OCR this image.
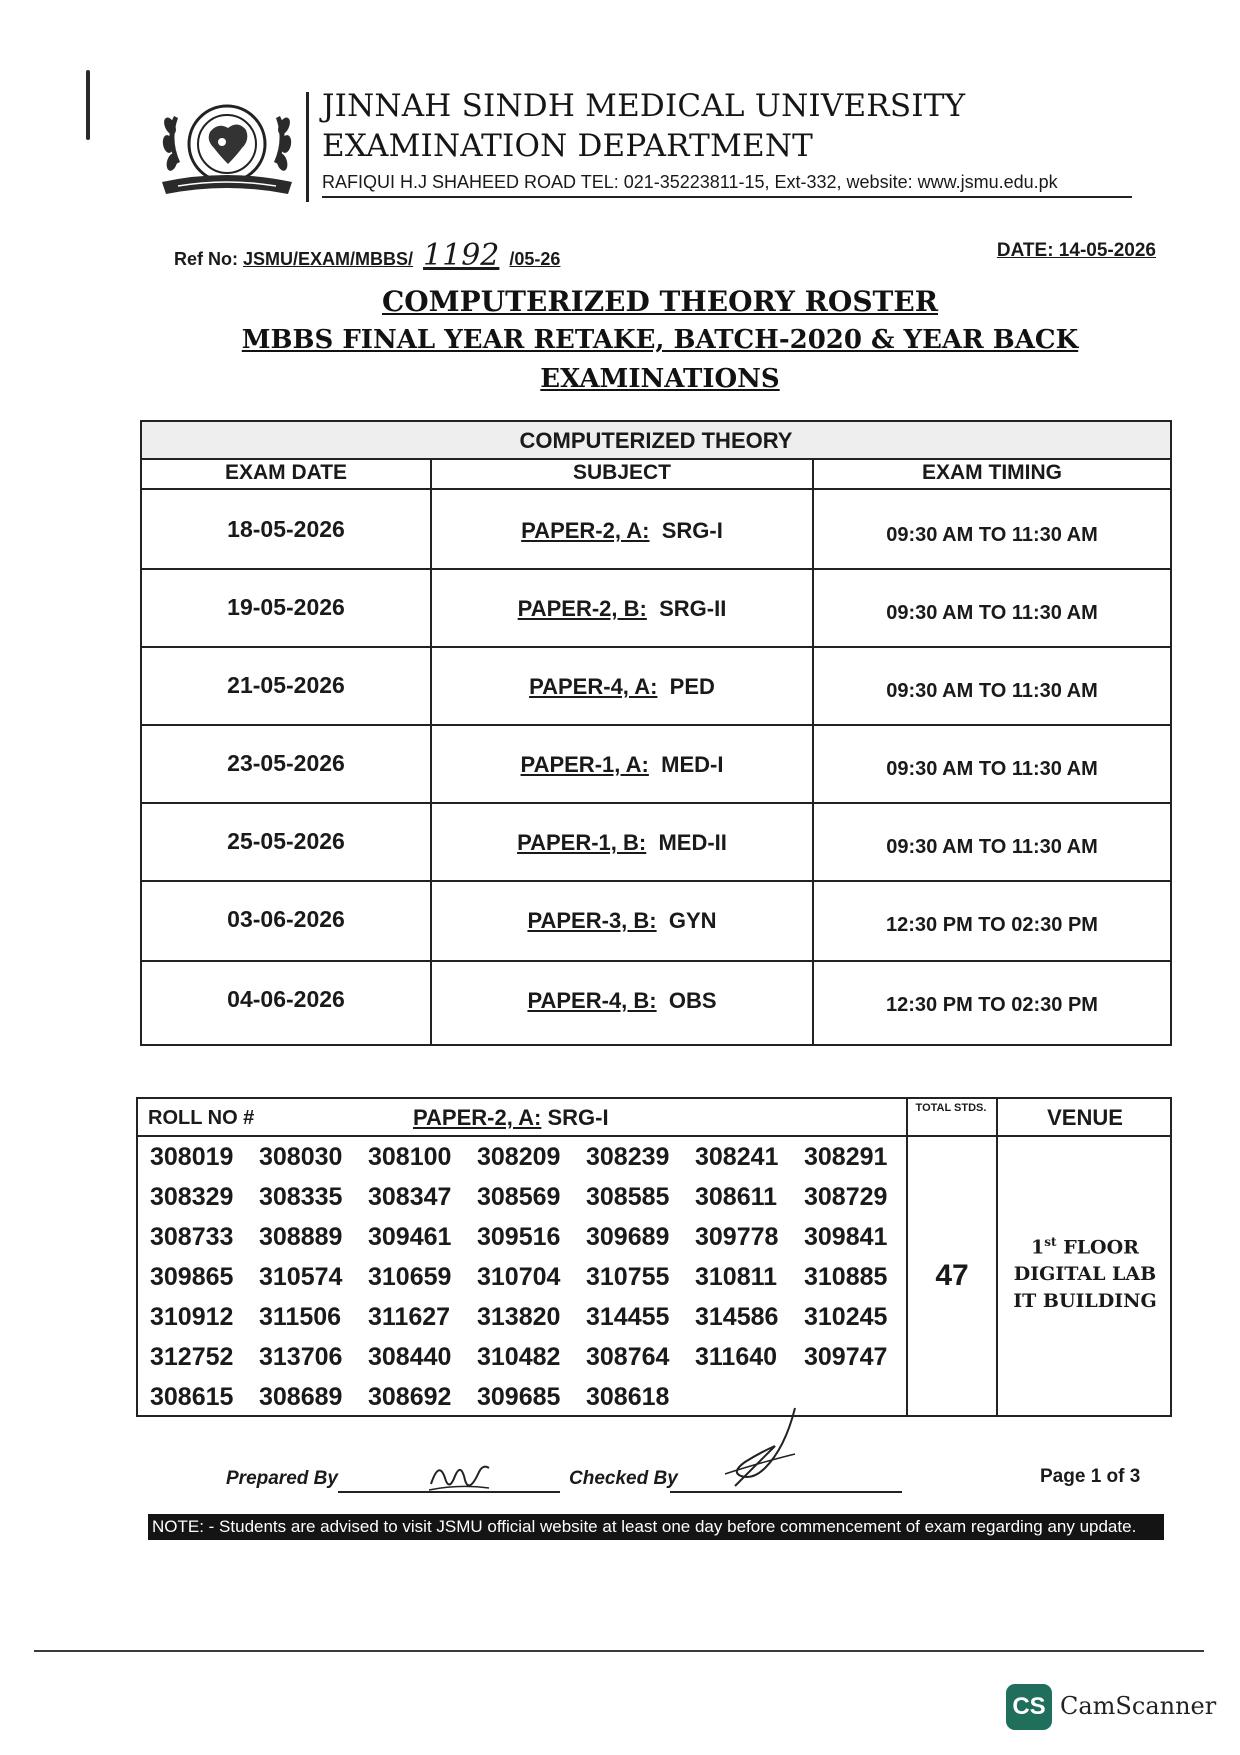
JINNAH SINDH MEDICAL UNIVERSITY
EXAMINATION DEPARTMENT
RAFIQUI H.J SHAHEED ROAD TEL: 021-35223811-15, Ext-332, website: www.jsmu.edu.pk
Ref No: JSMU/EXAM/MBBS/ 1192 /05-26	DATE: 14-05-2026
COMPUTERIZED THEORY ROSTER
MBBS FINAL YEAR RETAKE, BATCH-2020 & YEAR BACK
EXAMINATIONS
COMPUTERIZED THEORY
EXAM DATE	SUBJECT	EXAM TIMING
18-05-2026	PAPER-2, A: SRG-I	09:30 AM TO 11:30 AM
19-05-2026	PAPER-2, B: SRG-II	09:30 AM TO 11:30 AM
21-05-2026	PAPER-4, A: PED	09:30 AM TO 11:30 AM
23-05-2026	PAPER-1, A: MED-I	09:30 AM TO 11:30 AM
25-05-2026	PAPER-1, B: MED-II	09:30 AM TO 11:30 AM
03-06-2026	PAPER-3, B: GYN	12:30 PM TO 02:30 PM
04-06-2026	PAPER-4, B: OBS	12:30 PM TO 02:30 PM
ROLL NO #	PAPER-2, A: SRG-I	TOTAL STDS.	VENUE
308019	308030	308100	308209	308239	308241	308291
308329	308335	308347	308569	308585	308611	308729
308733	308889	309461	309516	309689	309778	309841
309865	310574	310659	310704	310755	310811	310885
310912	311506	311627	313820	314455	314586	310245
312752	313706	308440	310482	308764	311640	309747
308615	308689	308692	309685	308618
47
1st FLOOR
DIGITAL LAB
IT BUILDING
Prepared By	Checked By	Page 1 of 3
NOTE: - Students are advised to visit JSMU official website at least one day before commencement of exam regarding any update.
CS CamScanner
